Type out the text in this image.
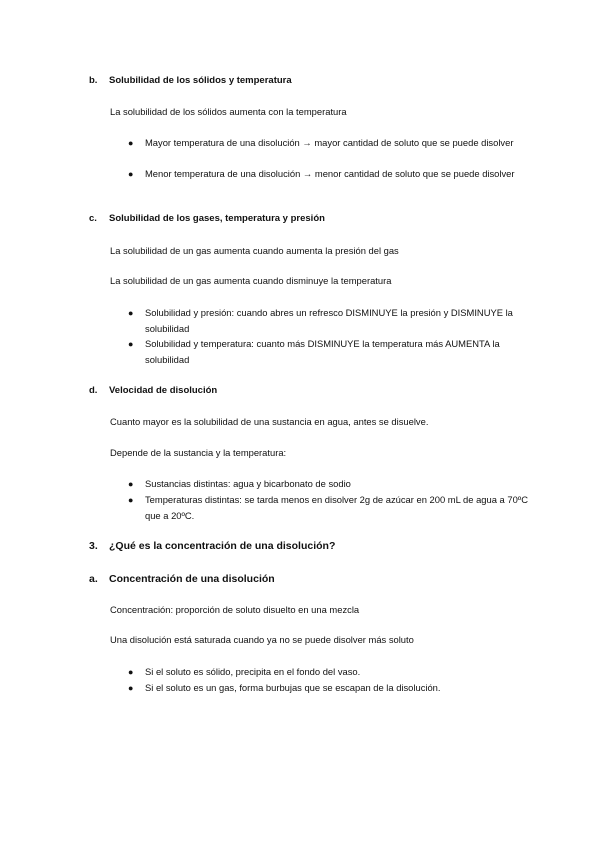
b. Solubilidad de los sólidos y temperatura
La solubilidad de los sólidos aumenta con la temperatura
● Mayor temperatura de una disolución → mayor cantidad de soluto que se puede disolver
● Menor temperatura de una disolución → menor cantidad de soluto que se puede disolver
c. Solubilidad de los gases, temperatura y presión
La solubilidad de un gas aumenta cuando aumenta la presión del gas
La solubilidad de un gas aumenta cuando disminuye la temperatura
● Solubilidad y presión: cuando abres un refresco DISMINUYE la presión y DISMINUYE la solubilidad
● Solubilidad y temperatura: cuanto más DISMINUYE la temperatura más AUMENTA la solubilidad
d. Velocidad de disolución
Cuanto mayor es la solubilidad de una sustancia en agua, antes se disuelve.
Depende de la sustancia y la temperatura:
● Sustancias distintas: agua y bicarbonato de sodio
● Temperaturas distintas: se tarda menos en disolver 2g de azúcar en 200 mL de agua a 70ºC que a 20ºC.
3. ¿Qué es la concentración de una disolución?
a. Concentración de una disolución
Concentración: proporción de soluto disuelto en una mezcla
Una disolución está saturada cuando ya no se puede disolver más soluto
● Si el soluto es sólido, precipita en el fondo del vaso.
● Si el soluto es un gas, forma burbujas que se escapan de la disolución.
